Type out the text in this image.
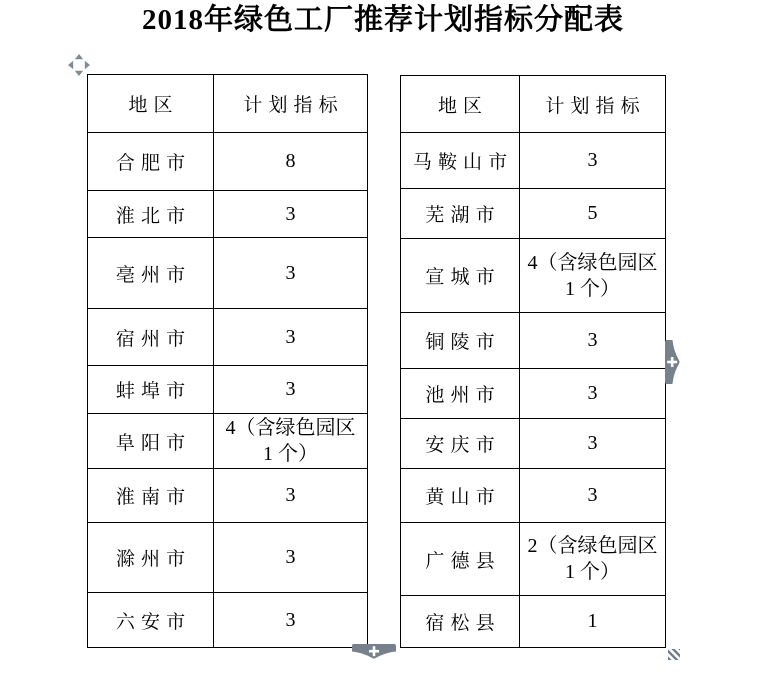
2018年绿色工厂推荐计划指标分配表
地区	计划指标
合肥市	8
淮北市	3
亳州市	3
宿州市	3
蚌埠市	3
阜阳市	4（含绿色园区
1 个）

淮南市	3
滁州市	3
六安市	3
地区	计划指标
马鞍山市	3
芜湖市	5
宣城市	4（含绿色园区
1 个）

铜陵市	3
池州市	3
安庆市	3
黄山市	3
广德县	2（含绿色园区
1 个）

宿松县	1
